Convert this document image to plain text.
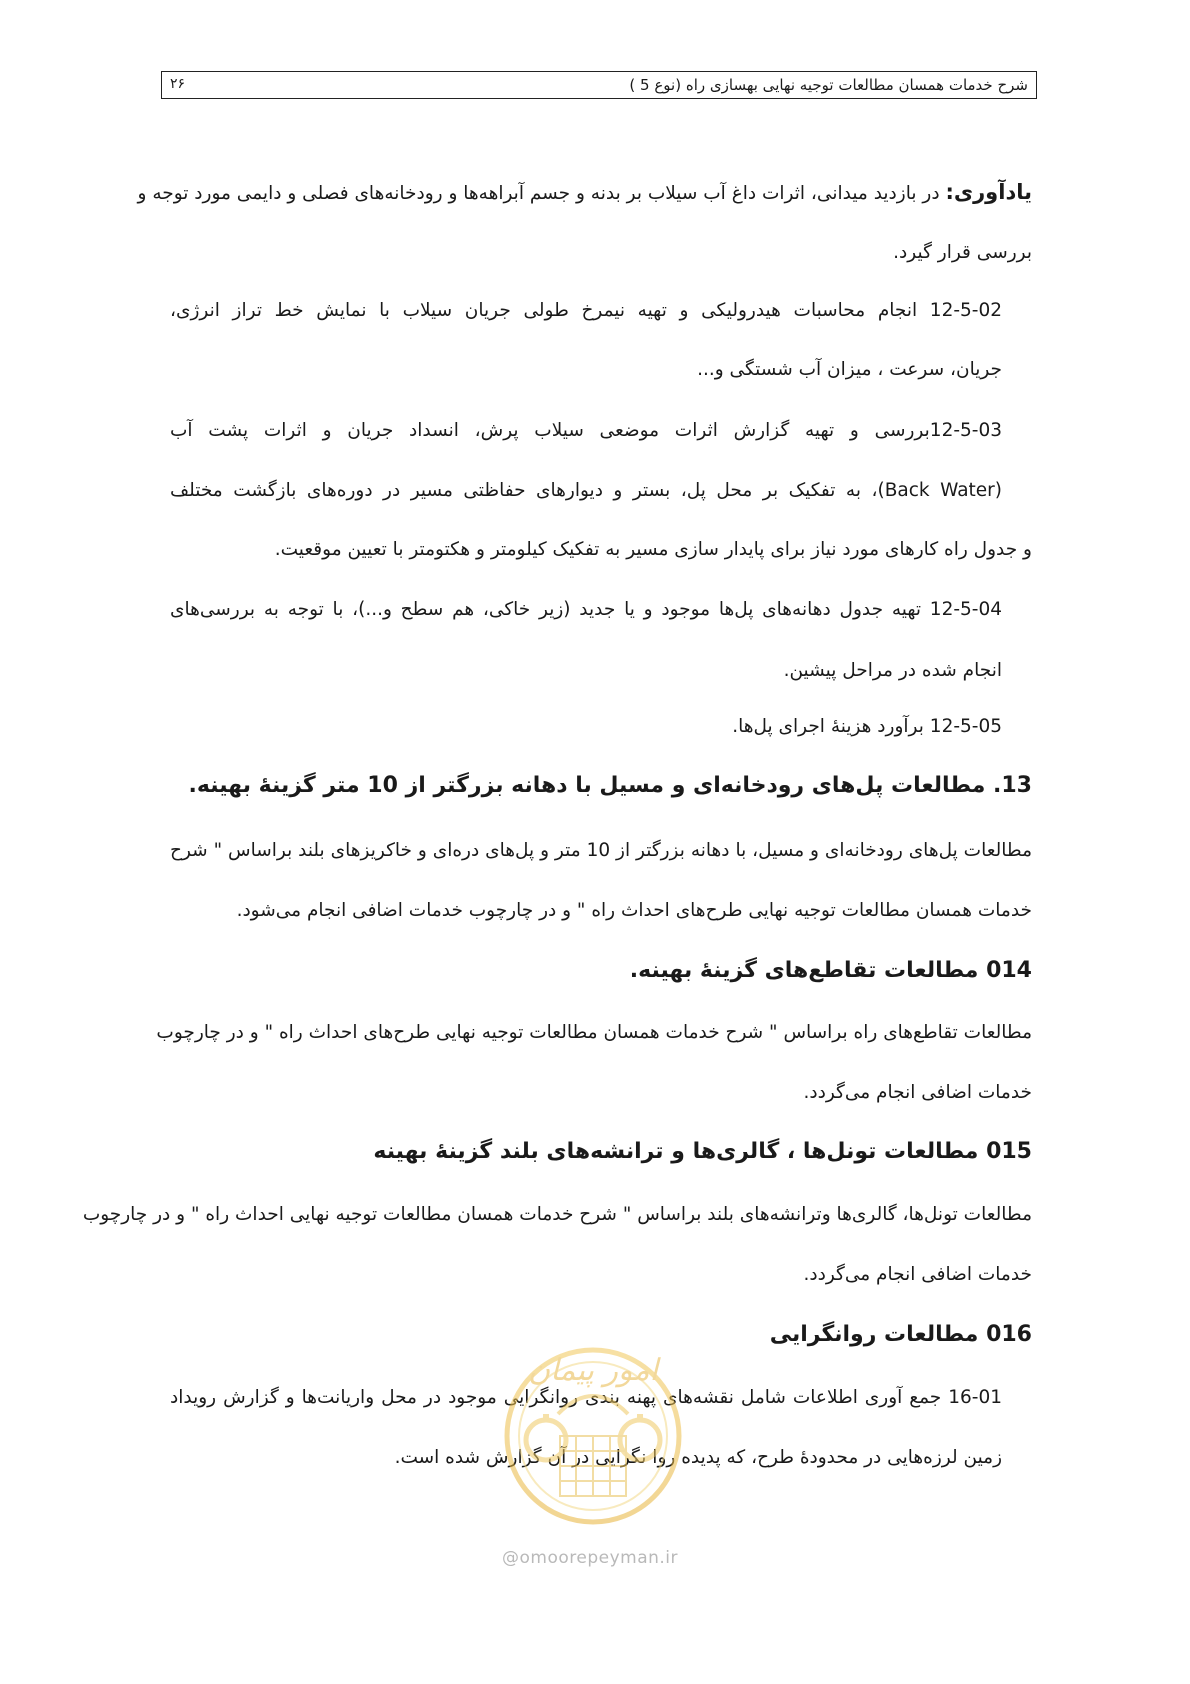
شرح خدمات همسان مطالعات توجیه نهایی بهسازی راه (نوع 5 )
۲۶
یادآوری: در بازدید میدانی، اثرات داغ آب سیلاب بر بدنه و جسم آبراهه‌ها و رودخانه‌های فصلی و دایمی مورد توجه و
بررسی قرار گیرد.
12-5-02 انجام محاسبات هیدرولیکی و تهیه نیمرخ طولی جریان سیلاب با نمایش خط تراز انرژی،
جریان، سرعت ، میزان آب شستگی و...
12-5-03بررسی و تهیه گزارش اثرات موضعی سیلاب پرش، انسداد جریان و اثرات پشت آب
(Back Water)، به تفکیک بر محل پل، بستر و دیوارهای حفاظتی مسیر در دوره‌های بازگشت مختلف
و جدول راه کارهای مورد نیاز برای پایدار سازی مسیر به تفکیک کیلومتر و هکتومتر با تعیین موقعیت.
12-5-04 تهیه جدول دهانه‌های پل‌ها موجود و یا جدید (زیر خاکی، هم سطح و...)، با توجه به بررسی‌های
انجام شده در مراحل پیشین.
12-5-05 برآورد هزینهٔ اجرای پل‌ها.
13. مطالعات پل‌های رودخانه‌ای و مسیل با دهانه بزرگتر از 10 متر گزینهٔ بهینه.
مطالعات پل‌های رودخانه‌ای و مسیل، با دهانه بزرگتر از 10 متر و پل‌های دره‌ای و خاکریزهای بلند براساس " شرح
خدمات همسان مطالعات توجیه نهایی طرح‌های احداث راه " و در چارچوب خدمات اضافی انجام می‌شود.
014 مطالعات تقاطع‌های گزینهٔ بهینه.
مطالعات تقاطع‌های راه براساس " شرح خدمات همسان مطالعات توجیه نهایی طرح‌های احداث راه " و در چارچوب
خدمات اضافی انجام می‌گردد.
015 مطالعات تونل‌ها ، گالری‌ها و ترانشه‌های بلند گزینهٔ بهینه
مطالعات تونل‌ها، گالری‌ها وترانشه‌های بلند براساس " شرح خدمات همسان مطالعات توجیه نهایی احداث راه " و در چارچوب
خدمات اضافی انجام می‌گردد.
016 مطالعات روانگرایی
16-01 جمع آوری اطلاعات شامل نقشه‌های پهنه بندی روانگرایی موجود در محل واریانت‌ها و گزارش رویداد
زمین لرزه‌هایی در محدودهٔ طرح، که پدیده روا نگرایی در آن گزارش شده است.
امور پیمان
@omoorepeyman.ir
